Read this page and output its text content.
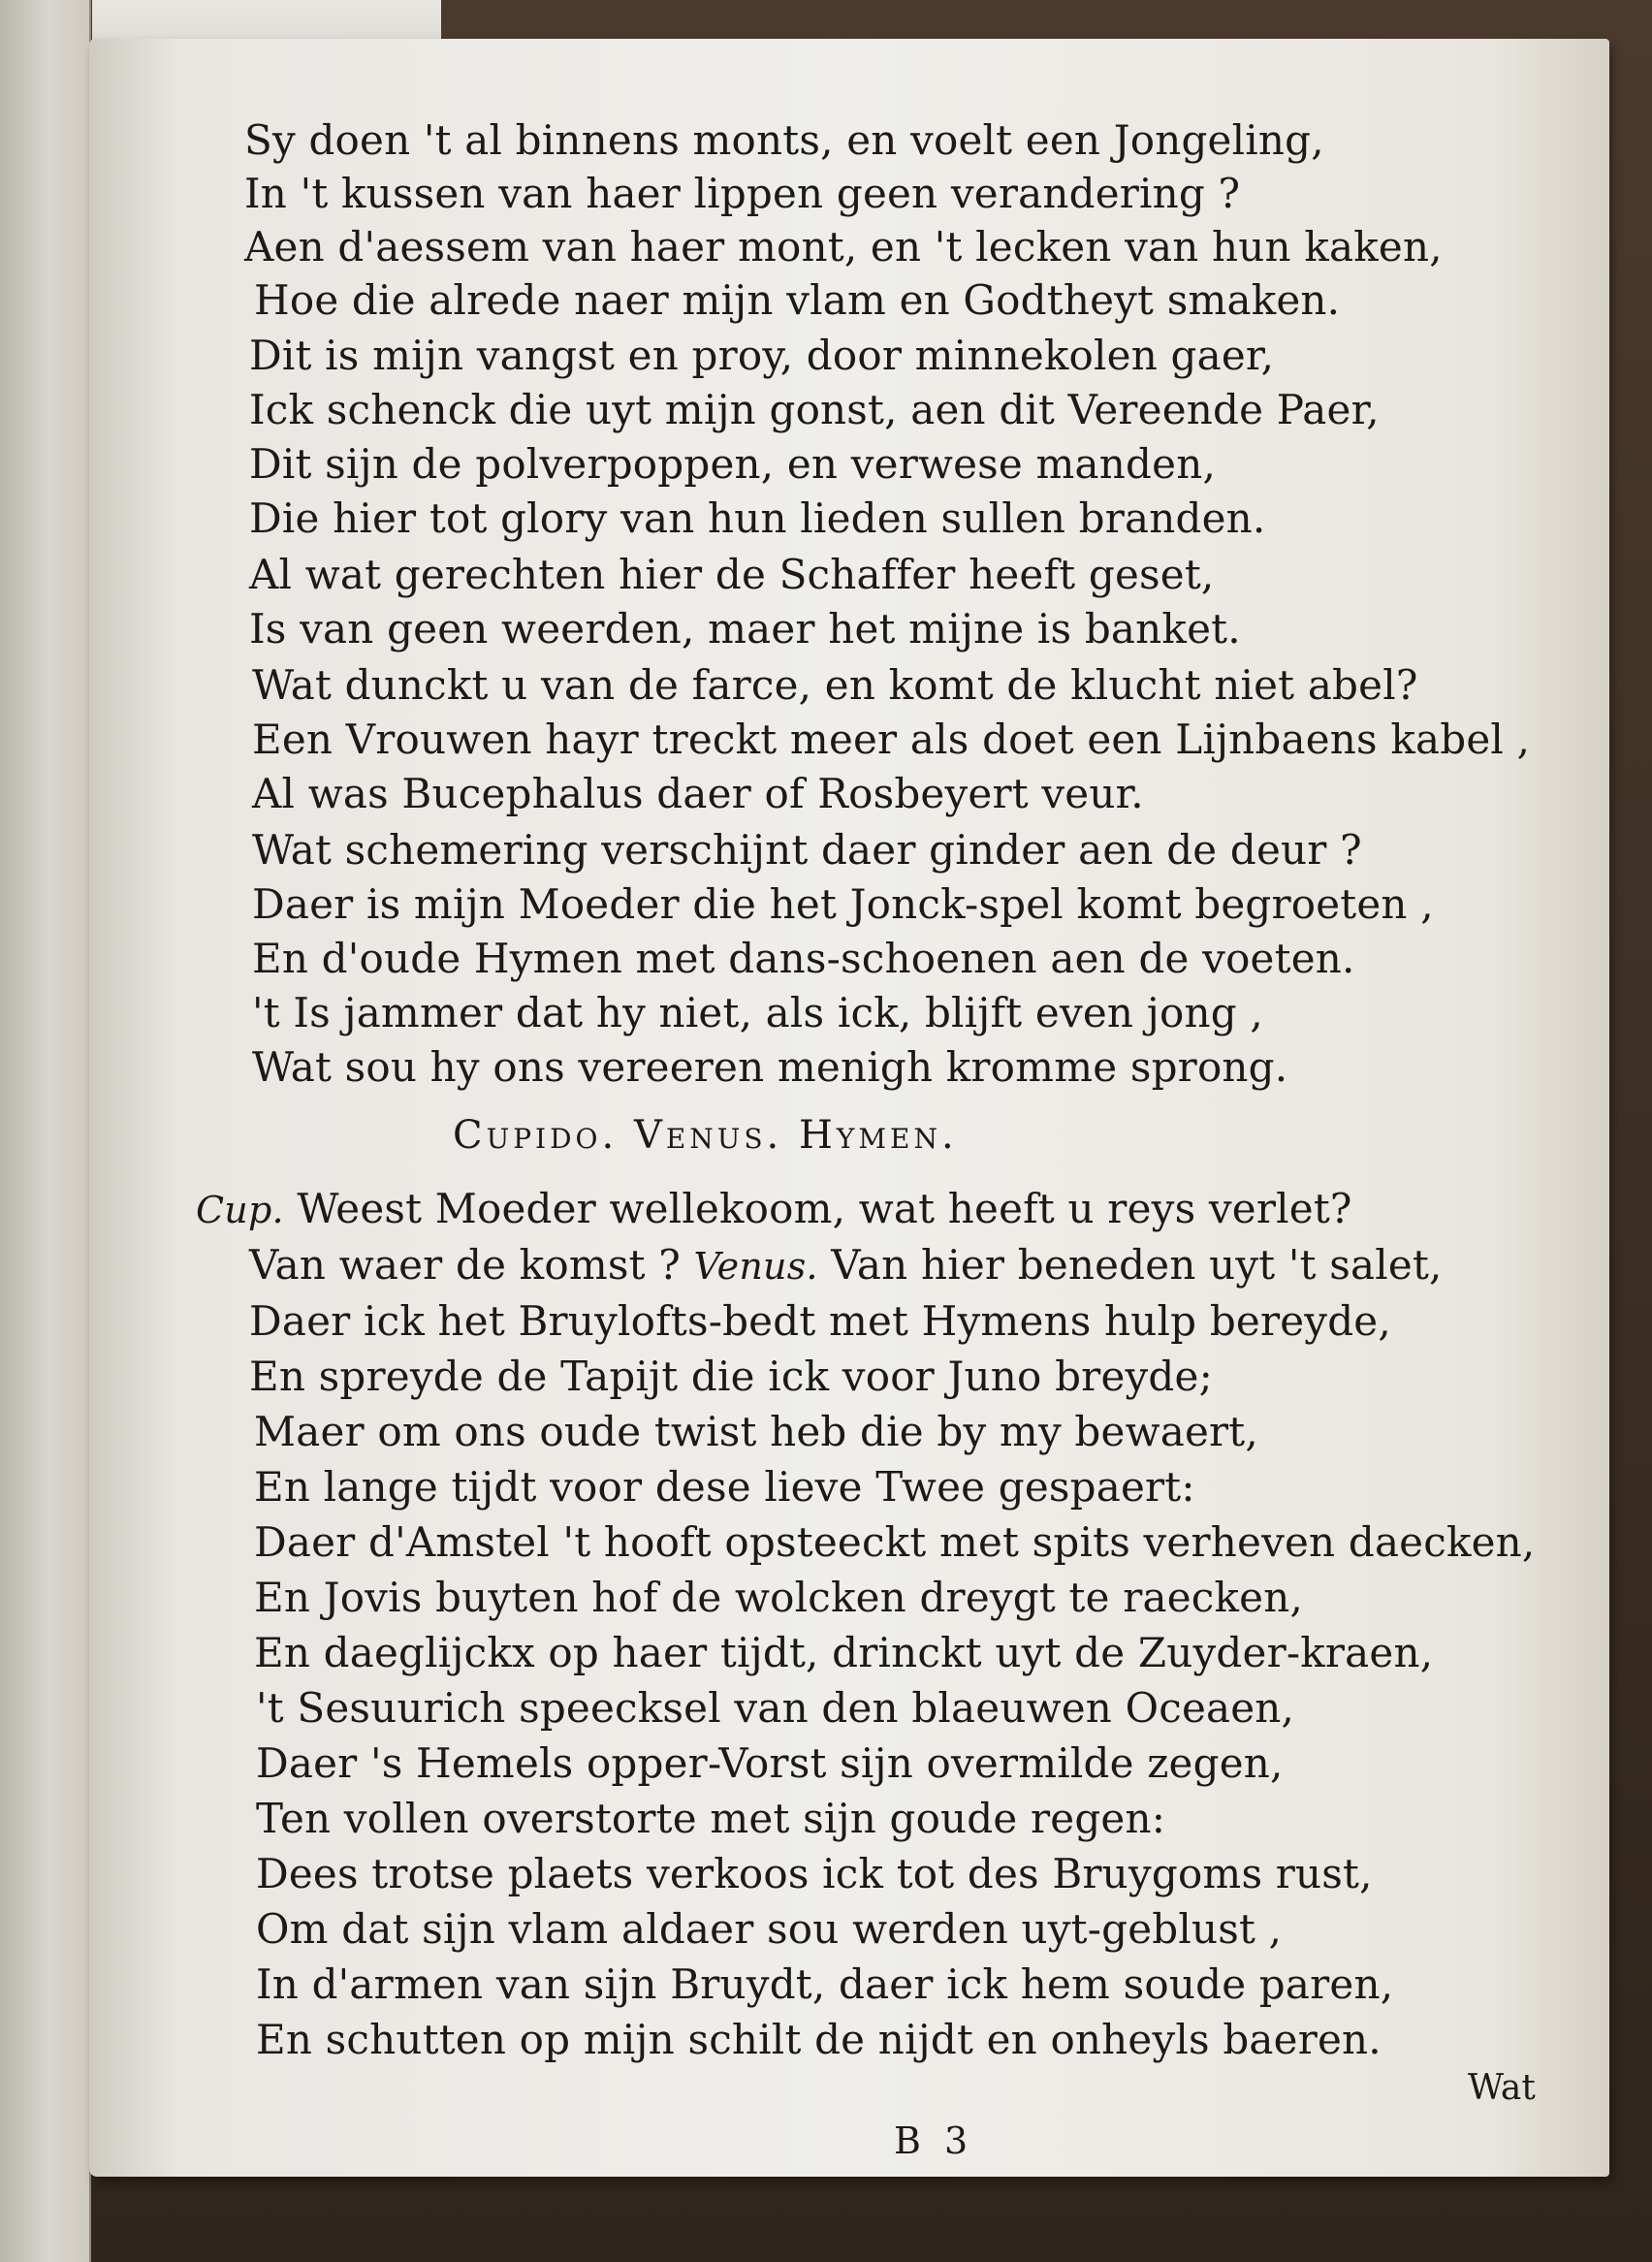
Sy doen 't al binnens monts, en voelt een Jongeling,
In 't kussen van haer lippen geen verandering ?
Aen d'aessem van haer mont, en 't lecken van hun kaken,
Hoe die alrede naer mijn vlam en Godtheyt smaken.
Dit is mijn vangst en proy, door minnekolen gaer,
Ick schenck die uyt mijn gonst, aen dit Vereende Paer,
Dit sijn de polverpoppen, en verwese manden,
Die hier tot glory van hun lieden sullen branden.
Al wat gerechten hier de Schaffer heeft geset,
Is van geen weerden, maer het mijne is banket.
Wat dunckt u van de farce, en komt de klucht niet abel?
Een Vrouwen hayr treckt meer als doet een Lijnbaens kabel ,
Al was Bucephalus daer of Rosbeyert veur.
Wat schemering verschijnt daer ginder aen de deur ?
Daer is mijn Moeder die het Jonck-spel komt begroeten ,
En d'oude Hymen met dans-schoenen aen de voeten.
't Is jammer dat hy niet, als ick, blijft even jong ,
Wat sou hy ons vereeren menigh kromme sprong.
Cupido. Venus. Hymen.
Cup. Weest Moeder wellekoom, wat heeft u reys verlet?
Van waer de komst ? Venus. Van hier beneden uyt 't salet,
Daer ick het Bruylofts-bedt met Hymens hulp bereyde,
En spreyde de Tapijt die ick voor Juno breyde;
Maer om ons oude twist heb die by my bewaert,
En lange tijdt voor dese lieve Twee gespaert:
Daer d'Amstel 't hooft opsteeckt met spits verheven daecken,
En Jovis buyten hof de wolcken dreygt te raecken,
En daeglijckx op haer tijdt, drinckt uyt de Zuyder-kraen,
't Sesuurich speecksel van den blaeuwen Oceaen,
Daer 's Hemels opper-Vorst sijn overmilde zegen,
Ten vollen overstorte met sijn goude regen:
Dees trotse plaets verkoos ick tot des Bruygoms rust,
Om dat sijn vlam aldaer sou werden uyt-geblust ,
In d'armen van sijn Bruydt, daer ick hem soude paren,
En schutten op mijn schilt de nijdt en onheyls baeren.
Wat
B 3
